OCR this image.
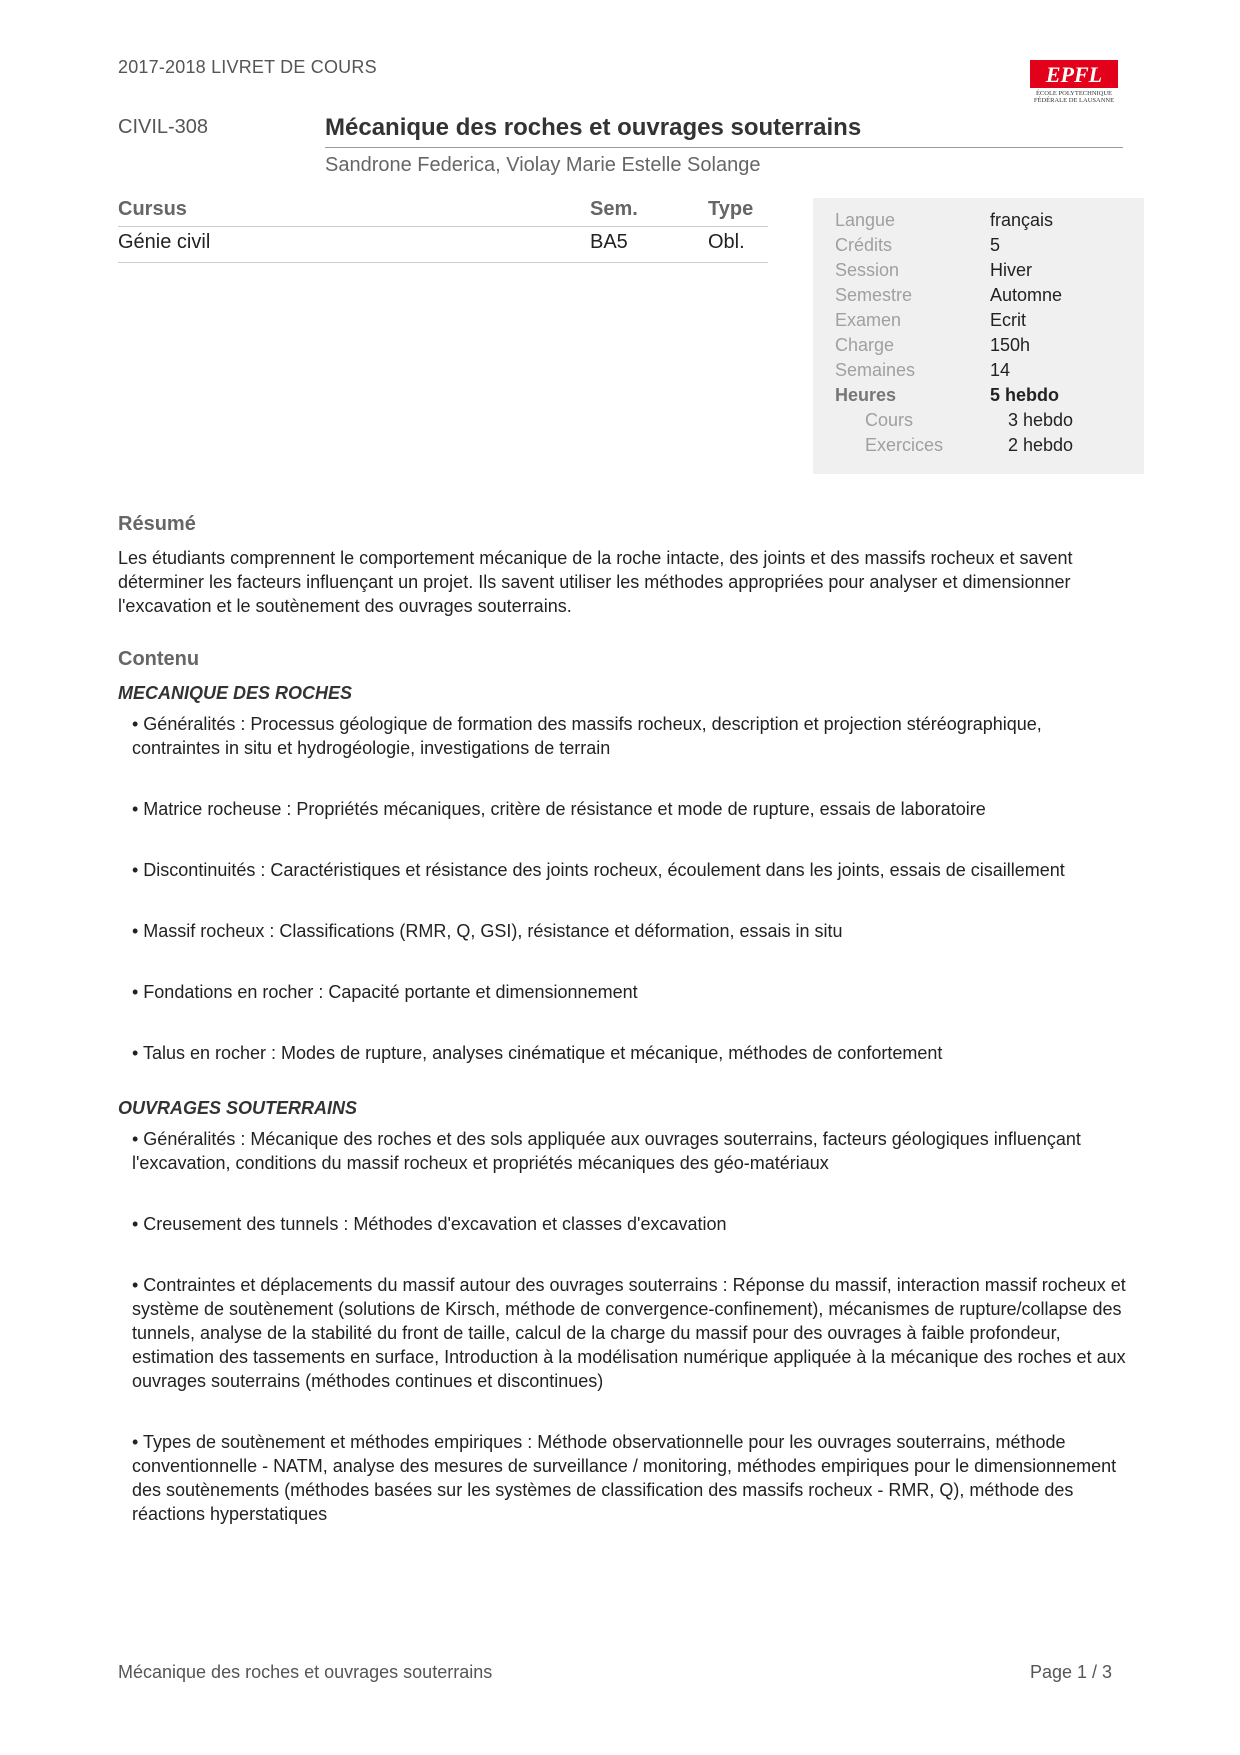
2017-2018 LIVRET DE COURS	EPFL
ÉCOLE POLYTECHNIQUE
FÉDÉRALE DE LAUSANNE
CIVIL-308	Mécanique des roches et ouvrages souterrains
Sandrone Federica, Violay Marie Estelle Solange
Cursus	Sem.	Type
Génie civil	BA5	Obl.
Langue	français
Crédits	5
Session	Hiver
Semestre	Automne
Examen	Ecrit
Charge	150h
Semaines	14
Heures	5 hebdo
Cours	3 hebdo
Exercices	2 hebdo
Résumé
Les étudiants comprennent le comportement mécanique de la roche intacte, des joints et des massifs rocheux et savent déterminer les facteurs influençant un projet. Ils savent utiliser les méthodes appropriées pour analyser et dimensionner l'excavation et le soutènement des ouvrages souterrains.
Contenu
MECANIQUE DES ROCHES
• Généralités : Processus géologique de formation des massifs rocheux, description et projection stéréographique, contraintes in situ et hydrogéologie, investigations de terrain
• Matrice rocheuse : Propriétés mécaniques, critère de résistance et mode de rupture, essais de laboratoire
• Discontinuités : Caractéristiques et résistance des joints rocheux, écoulement dans les joints, essais de cisaillement
• Massif rocheux : Classifications (RMR, Q, GSI), résistance et déformation, essais in situ
• Fondations en rocher : Capacité portante et dimensionnement
• Talus en rocher : Modes de rupture, analyses cinématique et mécanique, méthodes de confortement
OUVRAGES SOUTERRAINS
• Généralités : Mécanique des roches et des sols appliquée aux ouvrages souterrains, facteurs géologiques influençant l'excavation, conditions du massif rocheux et propriétés mécaniques des géo-matériaux
• Creusement des tunnels : Méthodes d'excavation et classes d'excavation
• Contraintes et déplacements du massif autour des ouvrages souterrains : Réponse du massif, interaction massif rocheux et système de soutènement (solutions de Kirsch, méthode de convergence-confinement), mécanismes de rupture/collapse des tunnels, analyse de la stabilité du front de taille, calcul de la charge du massif pour des ouvrages à faible profondeur, estimation des tassements en surface, Introduction à la modélisation numérique appliquée à la mécanique des roches et aux ouvrages souterrains (méthodes continues et discontinues)
• Types de soutènement et méthodes empiriques : Méthode observationnelle pour les ouvrages souterrains, méthode conventionnelle - NATM, analyse des mesures de surveillance / monitoring, méthodes empiriques pour le dimensionnement des soutènements (méthodes basées sur les systèmes de classification des massifs rocheux - RMR, Q), méthode des réactions hyperstatiques
Mécanique des roches et ouvrages souterrains	Page 1 / 3
